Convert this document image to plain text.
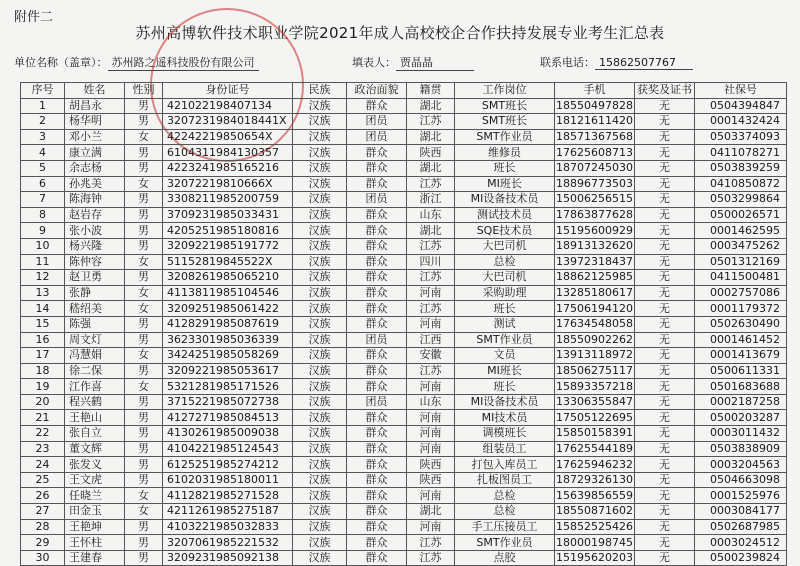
附件二
苏州高博软件技术职业学院2021年成人高校校企合作扶持发展专业考生汇总表
单位名称（盖章）： 苏州路之遥科技股份有限公司	填表人： 贾晶晶	联系电话： 15862507767
序号	姓名	性别	身份证号	民族	政治面貌	籍贯	工作岗位	手机	获奖及证书	社保号
1	胡昌永	男	421022198407134	汉族	群众	湖北	SMT班长	18550497828	无	0504394847
2	杨华明	男	3207231984018441X	汉族	团员	江苏	SMT班长	18121611420	无	0001432424
3	邓小兰	女	42242219850654X	汉族	团员	湖北	SMT作业员	18571367568	无	0503374093
4	康立满	男	6104311984130357	汉族	群众	陕西	维修员	17625608713	无	0411078271
5	余志杨	男	4223241985165216	汉族	群众	湖北	班长	18707245030	无	0503839259
6	孙兆美	女	32072219810666X	汉族	群众	江苏	MI班长	18896773503	无	0410850872
7	陈海钟	男	3308211985200759	汉族	团员	浙江	MI设备技术员	15006256515	无	0503299864
8	赵岩存	男	3709231985033431	汉族	群众	山东	测试技术员	17863877628	无	0500026571
9	张小波	男	4205251985180816	汉族	群众	湖北	SQE技术员	15195600929	无	0001462595
10	杨兴隆	男	3209221985191772	汉族	群众	江苏	大巴司机	18913132620	无	0003475262
11	陈仲容	女	51152819845522X	汉族	群众	四川	总检	13972318437	无	0501312169
12	赵卫勇	男	3208261985065210	汉族	群众	江苏	大巴司机	18862125985	无	0411500481
13	张静	女	4113811985104546	汉族	群众	河南	采购助理	13285180617	无	0002757086
14	嵇绍美	女	3209251985061422	汉族	群众	江苏	班长	17506194120	无	0001179372
15	陈强	男	4128291985087619	汉族	群众	河南	测试	17634548058	无	0502630490
16	周文灯	男	3623301985036339	汉族	团员	江西	SMT作业员	18550902262	无	0001461452
17	冯慧娟	女	3424251985058269	汉族	群众	安徽	文员	13913118972	无	0001413679
18	徐二保	男	3209221985053617	汉族	群众	江苏	MI班长	18506275117	无	0500611331
19	江作喜	女	5321281985171526	汉族	群众	河南	班长	15893357218	无	0501683688
20	程兴鹤	男	3715221985072738	汉族	团员	山东	MI设备技术员	13306355847	无	0002187258
21	王艳山	男	4127271985084513	汉族	群众	河南	MI技术员	17505122695	无	0500203287
22	张自立	男	4130261985009038	汉族	群众	河南	调模班长	15850158391	无	0003011432
23	董文辉	男	4104221985124543	汉族	群众	河南	组装员工	17625544189	无	0503838909
24	张发义	男	6125251985274212	汉族	群众	陕西	打包入库员工	17625946232	无	0003204563
25	王文虎	男	6102031985180011	汉族	群众	陕西	扎板图员工	18729326130	无	0504663098
26	任晓兰	女	4112821985271528	汉族	群众	河南	总检	15639856559	无	0001525976
27	田金玉	女	4211261985275187	汉族	群众	湖北	总检	18550871602	无	0003084177
28	王艳坤	男	4103221985032833	汉族	群众	河南	手工压接员工	15852525426	无	0502687985
29	王怀柱	男	3207061985221532	汉族	群众	江苏	SMT作业员	18000198745	无	0003024512
30	王建春	男	3209231985092138	汉族	群众	江苏	点胶	15195620203	无	0500239824
